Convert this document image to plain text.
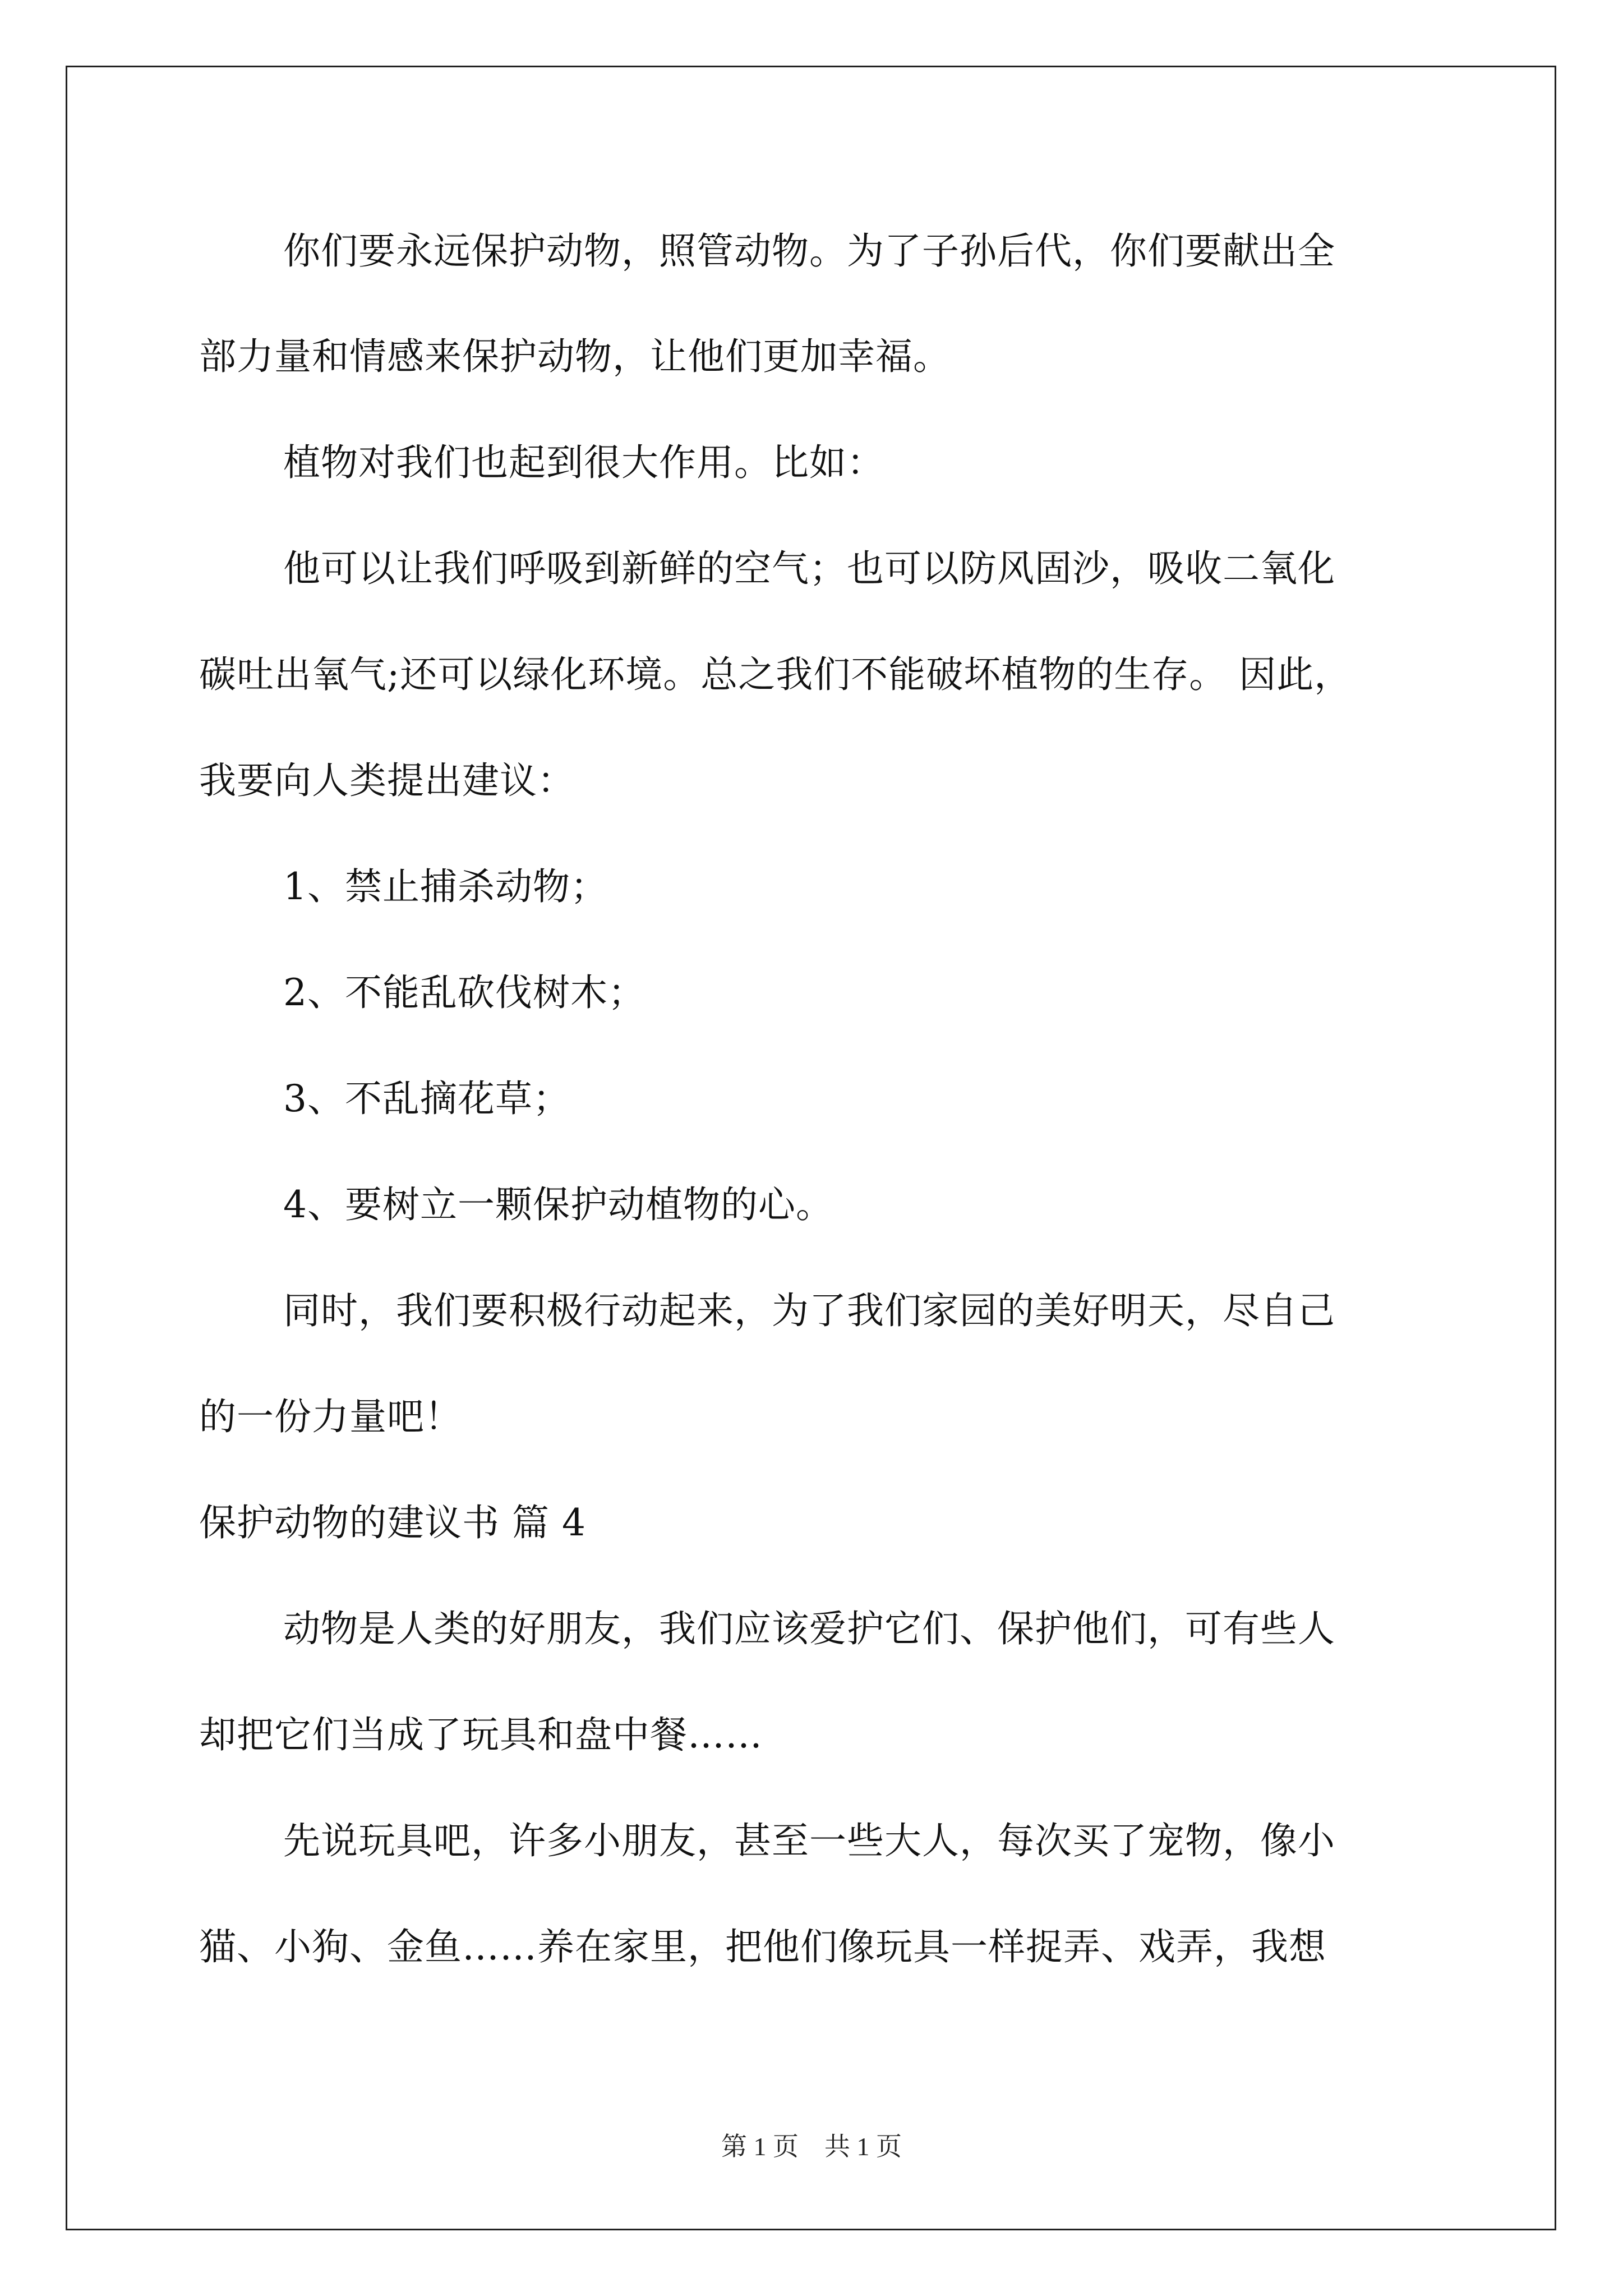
你们要永远保护动物，照管动物。为了子孙后代，你们要献出全

部力量和情感来保护动物，让他们更加幸福。

植物对我们也起到很大作用。比如：

他可以让我们呼吸到新鲜的空气；也可以防风固沙，吸收二氧化

碳吐出氧气;还可以绿化环境。总之我们不能破坏植物的生存。 因此，

我要向人类提出建议：

1、禁止捕杀动物；

2、不能乱砍伐树木；

3、不乱摘花草；

4、要树立一颗保护动植物的心。

同时，我们要积极行动起来，为了我们家园的美好明天，尽自己

的一份力量吧！

保护动物的建议书 篇 4

动物是人类的好朋友，我们应该爱护它们、保护他们，可有些人

却把它们当成了玩具和盘中餐……

先说玩具吧，许多小朋友，甚至一些大人，每次买了宠物，像小

猫、小狗、金鱼……养在家里，把他们像玩具一样捉弄、戏弄，我想

第 1 页　共 1 页
